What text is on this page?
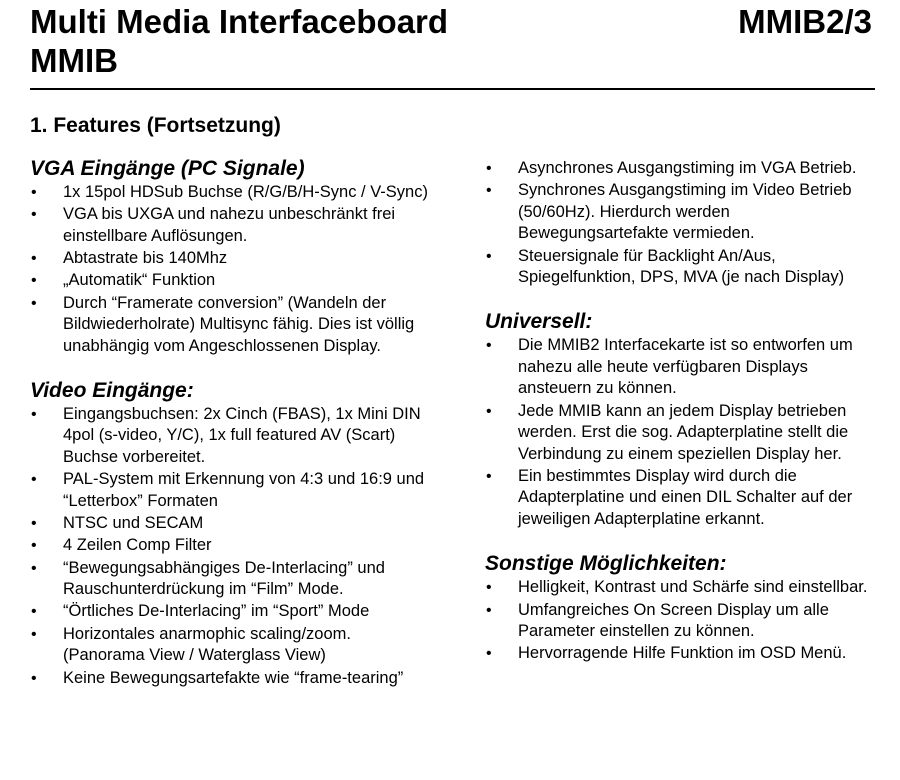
Multi Media Interfaceboard
MMIB
MMIB2/3
1. Features (Fortsetzung)
VGA Eingänge (PC Signale)
• 1x 15pol HDSub Buchse (R/G/B/H-Sync / V-Sync)
• VGA bis UXGA und nahezu unbeschränkt frei einstellbare Auflösungen.
• Abtastrate bis 140Mhz
• „Automatik“ Funktion
• Durch “Framerate conversion” (Wandeln der Bildwiederholrate) Multisync fähig. Dies ist völlig unabhängig vom Angeschlossenen Display.
Video Eingänge:
• Eingangsbuchsen: 2x Cinch (FBAS), 1x Mini DIN 4pol (s-video, Y/C), 1x full featured AV (Scart) Buchse vorbereitet.
• PAL-System mit Erkennung von 4:3 und 16:9 und “Letterbox” Formaten
• NTSC und SECAM
• 4 Zeilen Comp Filter
• “Bewegungsabhängiges De-Interlacing” und Rauschunterdrückung im “Film” Mode.
• “Örtliches De-Interlacing” im “Sport” Mode
• Horizontales anarmophic scaling/zoom. (Panorama View / Waterglass View)
• Keine Bewegungsartefakte wie “frame-tearing”
• Asynchrones Ausgangstiming im VGA Betrieb.
• Synchrones Ausgangstiming im Video Betrieb (50/60Hz). Hierdurch werden Bewegungsartefakte vermieden.
• Steuersignale für Backlight An/Aus, Spiegelfunktion, DPS, MVA (je nach Display)
Universell:
• Die MMIB2 Interfacekarte ist so entworfen um nahezu alle heute verfügbaren Displays ansteuern zu können.
• Jede MMIB kann an jedem Display betrieben werden. Erst die sog. Adapterplatine stellt die Verbindung zu einem speziellen Display her.
• Ein bestimmtes Display wird durch die Adapterplatine und einen DIL Schalter auf der jeweiligen Adapterplatine erkannt.
Sonstige Möglichkeiten:
• Helligkeit, Kontrast und Schärfe sind einstellbar.
• Umfangreiches On Screen Display um alle Parameter einstellen zu können.
• Hervorragende Hilfe Funktion im OSD Menü.
